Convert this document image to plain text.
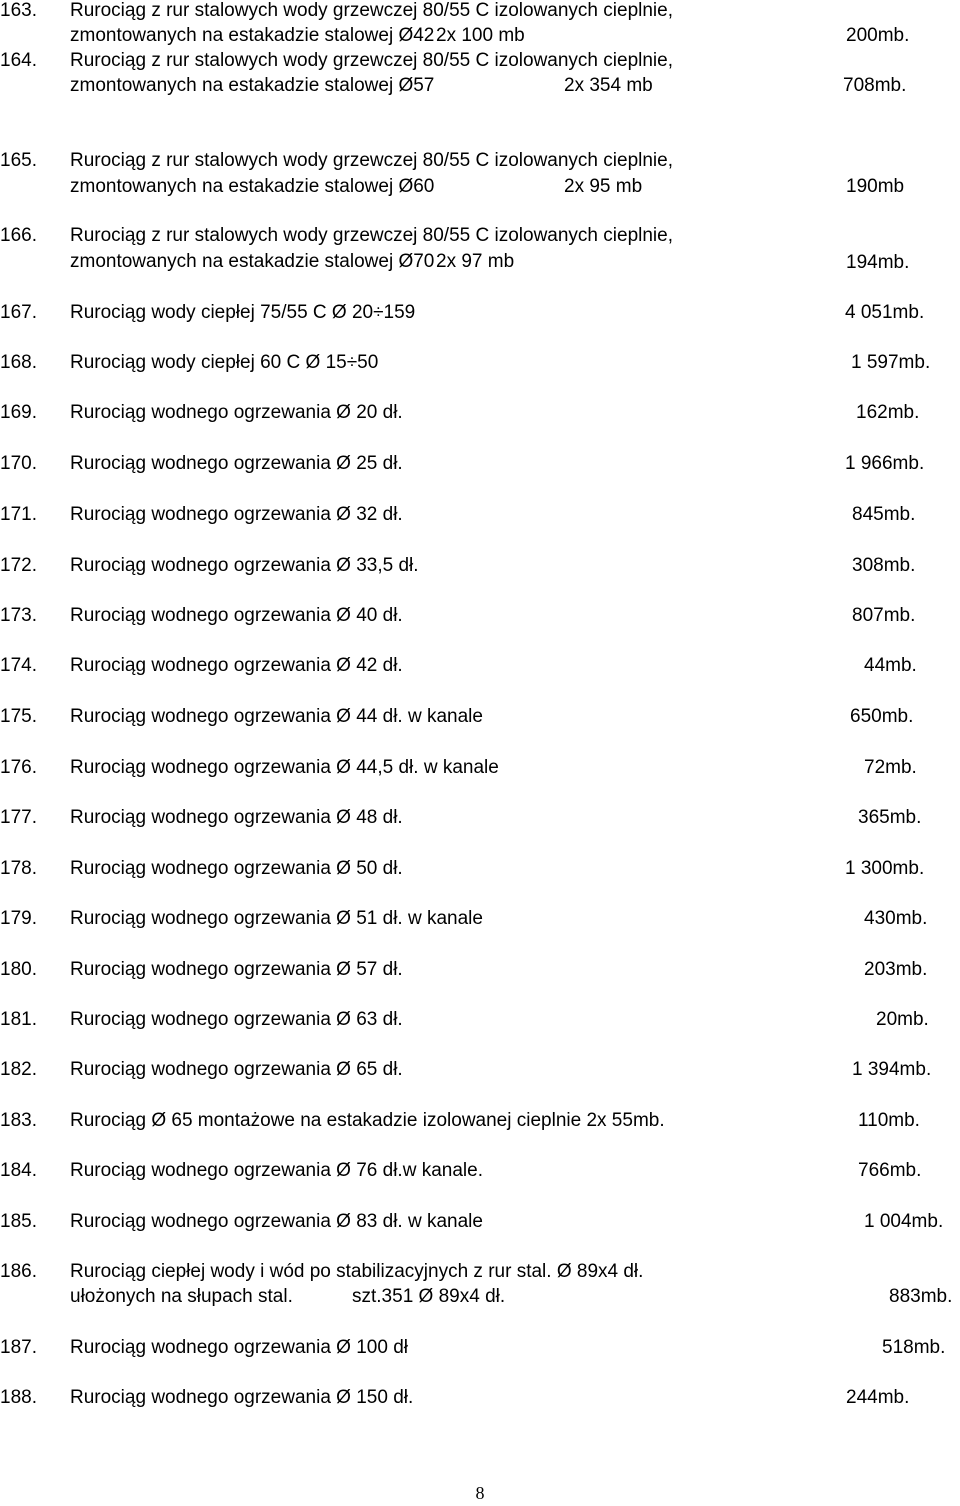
163. Rurociąg z rur stalowych wody grzewczej 80/55 C izolowanych cieplnie,
zmontowanych na estakadzie stalowej Ø42 2x 100 mb	200mb.
164. Rurociąg z rur stalowych wody grzewczej 80/55 C izolowanych cieplnie,
zmontowanych na estakadzie stalowej Ø57	2x 354 mb	708mb.
165. Rurociąg z rur stalowych wody grzewczej 80/55 C izolowanych cieplnie,
zmontowanych na estakadzie stalowej Ø60	2x 95 mb	190mb
166. Rurociąg z rur stalowych wody grzewczej 80/55 C izolowanych cieplnie,
zmontowanych na estakadzie stalowej Ø70 2x 97 mb	194mb.
167. Rurociąg wody ciepłej 75/55 C Ø 20÷159	4 051mb.
168. Rurociąg wody ciepłej 60 C Ø 15÷50	1 597mb.
169. Rurociąg wodnego ogrzewania Ø 20 dł.	162mb.
170. Rurociąg wodnego ogrzewania Ø 25 dł.	1 966mb.
171. Rurociąg wodnego ogrzewania Ø 32 dł.	845mb.
172. Rurociąg wodnego ogrzewania Ø 33,5 dł.	308mb.
173. Rurociąg wodnego ogrzewania Ø 40 dł.	807mb.
174. Rurociąg wodnego ogrzewania Ø 42 dł.	44mb.
175. Rurociąg wodnego ogrzewania Ø 44 dł. w kanale	650mb.
176. Rurociąg wodnego ogrzewania Ø 44,5 dł. w kanale	72mb.
177. Rurociąg wodnego ogrzewania Ø 48 dł.	365mb.
178. Rurociąg wodnego ogrzewania Ø 50 dł.	1 300mb.
179. Rurociąg wodnego ogrzewania Ø 51 dł. w kanale	430mb.
180. Rurociąg wodnego ogrzewania Ø 57 dł.	203mb.
181. Rurociąg wodnego ogrzewania Ø 63 dł.	20mb.
182. Rurociąg wodnego ogrzewania Ø 65 dł.	1 394mb.
183. Rurociąg Ø 65 montażowe na estakadzie izolowanej cieplnie 2x 55mb.	110mb.
184. Rurociąg wodnego ogrzewania Ø 76 dł.w kanale.	766mb.
185. Rurociąg wodnego ogrzewania Ø 83 dł. w kanale	1 004mb.
186. Rurociąg ciepłej wody i wód po stabilizacyjnych z rur stal. Ø 89x4 dł.
ułożonych na słupach stal.	szt.351 Ø 89x4 dł.	883mb.
187. Rurociąg wodnego ogrzewania Ø 100 dł	518mb.
188. Rurociąg wodnego ogrzewania Ø 150 dł.	244mb.
8
